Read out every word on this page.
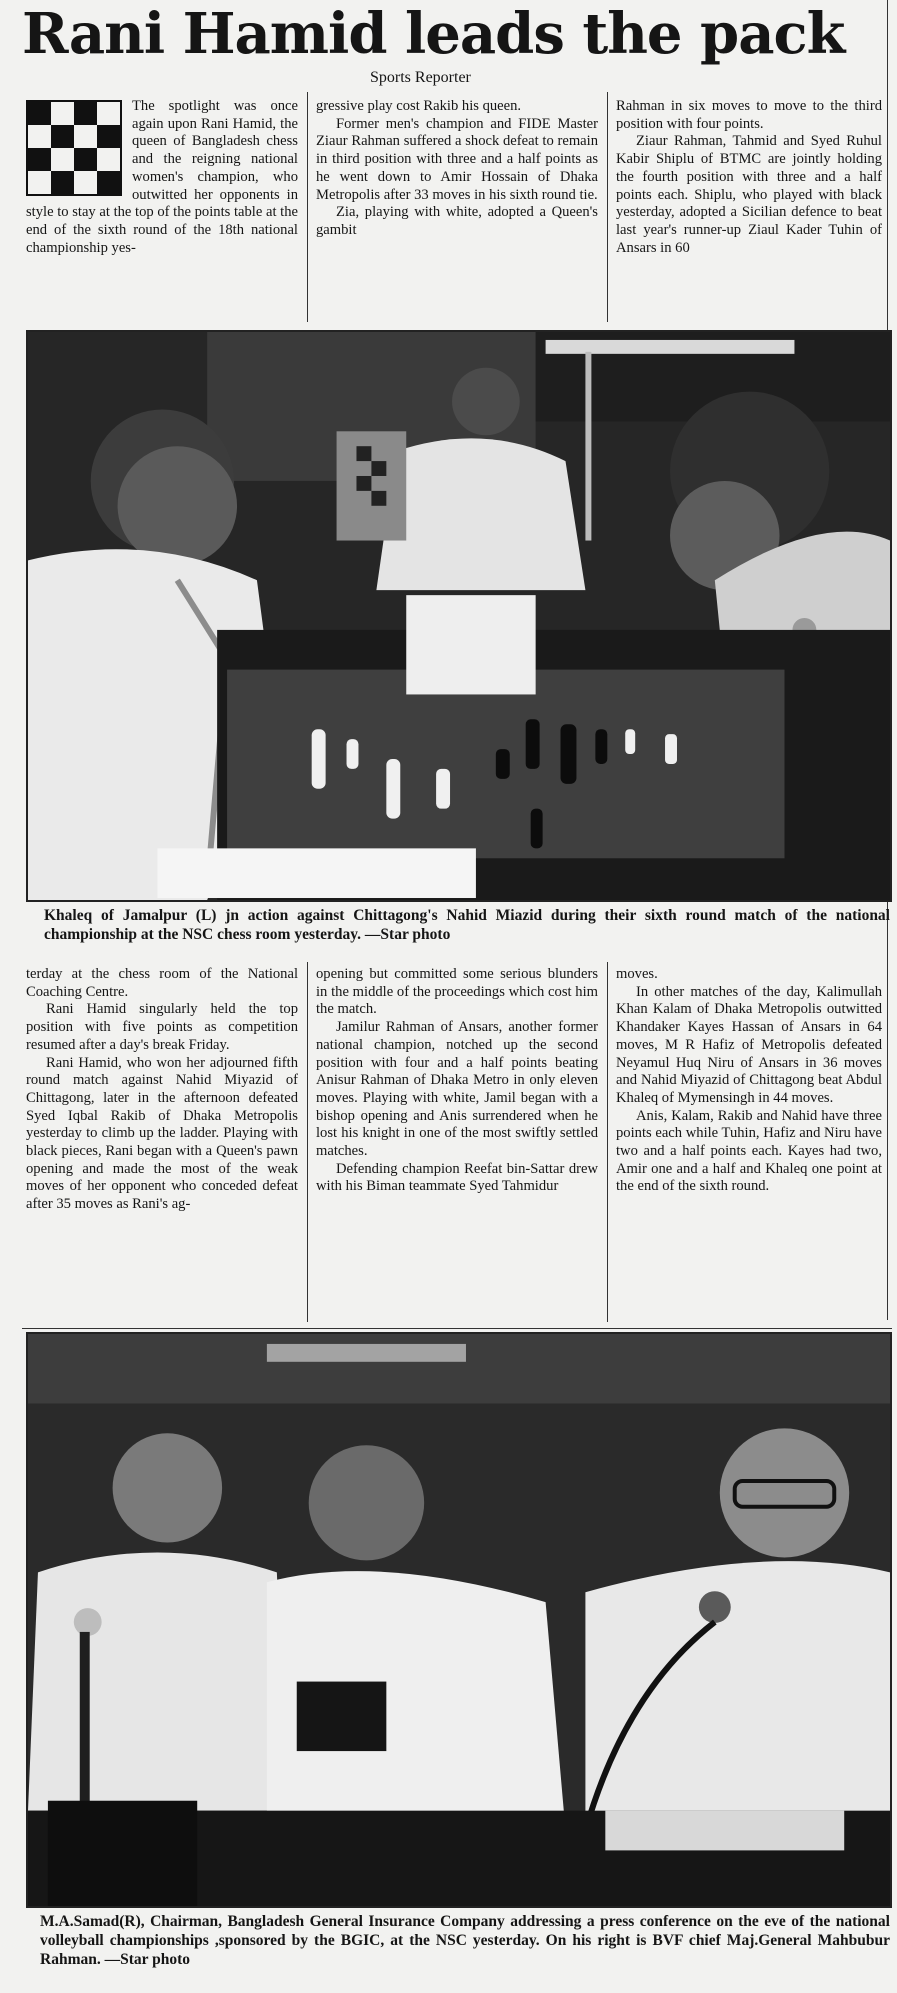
Rani Hamid leads the pack
Sports Reporter

The spotlight was once again upon Rani Hamid, the queen of Bangladesh chess and the reigning national women's champion, who outwitted her opponents in style to stay at the top of the points table at the end of the sixth round of the 18th national championship yes-

gressive play cost Rakib his queen.

Former men's champion and FIDE Master Ziaur Rahman suffered a shock defeat to remain in third position with three and a half points as he went down to Amir Hossain of Dhaka Metropolis after 33 moves in his sixth round tie.

Zia, playing with white, adopted a Queen's gambit

Rahman in six moves to move to the third position with four points.

Ziaur Rahman, Tahmid and Syed Ruhul Kabir Shiplu of BTMC are jointly holding the fourth position with three and a half points each. Shiplu, who played with black yesterday, adopted a Sicilian defence to beat last year's runner-up Ziaul Kader Tuhin of Ansars in 60

Khaleq of Jamalpur (L) jn action against Chittagong's Nahid Miazid during their sixth round match of the national championship at the NSC chess room yesterday. —Star photo

terday at the chess room of the National Coaching Centre.

Rani Hamid singularly held the top position with five points as competition resumed after a day's break Friday.

Rani Hamid, who won her adjourned fifth round match against Nahid Miyazid of Chittagong, later in the afternoon defeated Syed Iqbal Rakib of Dhaka Metropolis yesterday to climb up the ladder. Playing with black pieces, Rani began with a Queen's pawn opening and made the most of the weak moves of her opponent who conceded defeat after 35 moves as Rani's ag-

opening but committed some serious blunders in the middle of the proceedings which cost him the match.

Jamilur Rahman of Ansars, another former national champion, notched up the second position with four and a half points beating Anisur Rahman of Dhaka Metro in only eleven moves. Playing with white, Jamil began with a bishop opening and Anis surrendered when he lost his knight in one of the most swiftly settled matches.

Defending champion Reefat bin-Sattar drew with his Biman teammate Syed Tahmidur

moves.

In other matches of the day, Kalimullah Khan Kalam of Dhaka Metropolis outwitted Khandaker Kayes Hassan of Ansars in 64 moves, M R Hafiz of Metropolis defeated Neyamul Huq Niru of Ansars in 36 moves and Nahid Miyazid of Chittagong beat Abdul Khaleq of Mymensingh in 44 moves.

Anis, Kalam, Rakib and Nahid have three points each while Tuhin, Hafiz and Niru have two and a half points each. Kayes had two, Amir one and a half and Khaleq one point at the end of the sixth round.

M.A.Samad(R), Chairman, Bangladesh General Insurance Company addressing a press conference on the eve of the national volleyball championships ,sponsored by the BGIC, at the NSC yesterday. On his right is BVF chief Maj.General Mahbubur Rahman. —Star photo
